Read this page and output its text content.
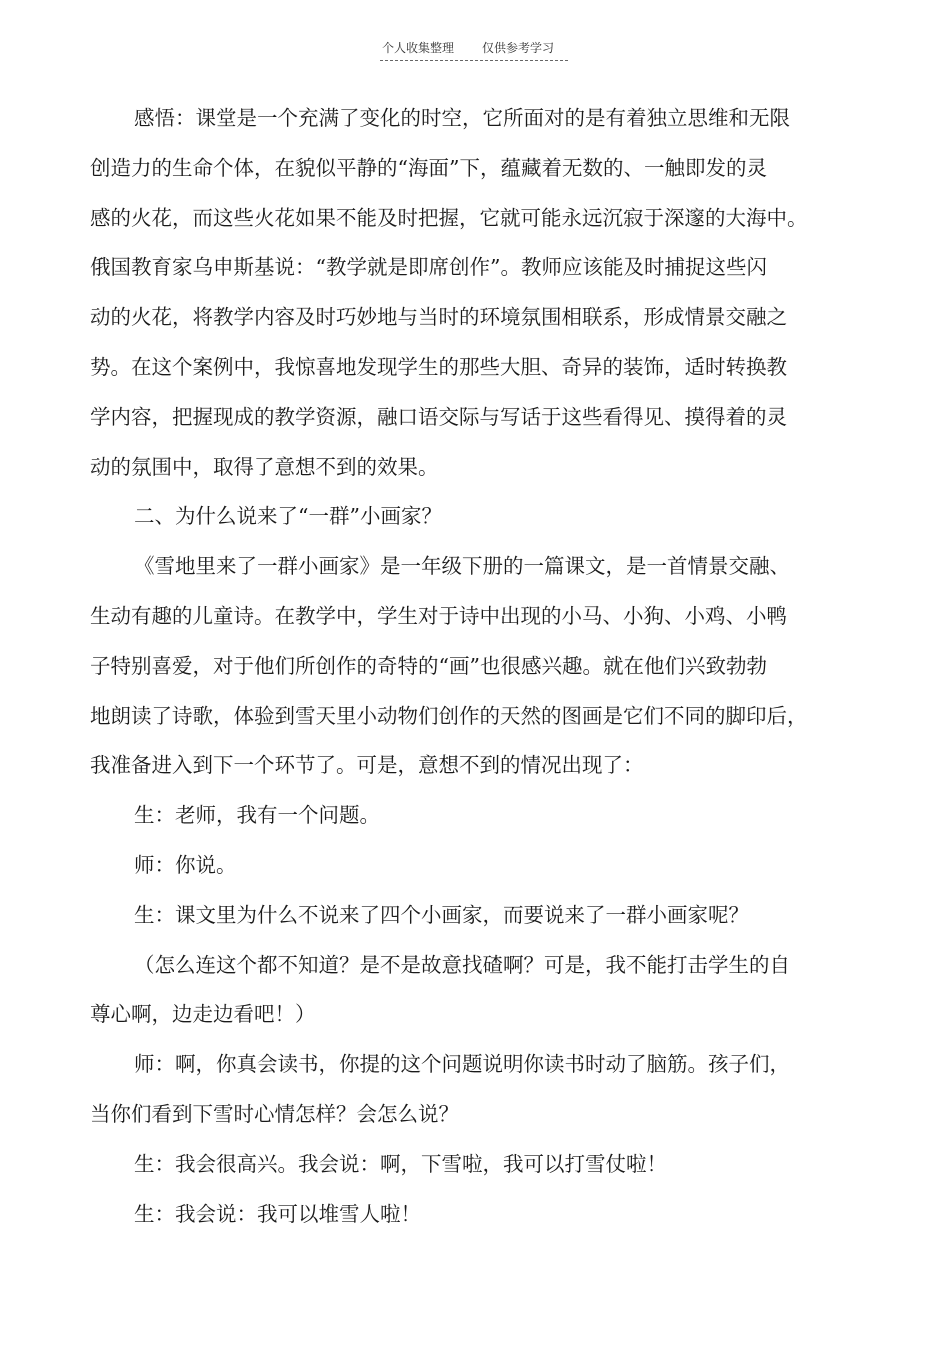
个人收集整理 仅供参考学习
感悟：课堂是一个充满了变化的时空，它所面对的是有着独立思维和无限
创造力的生命个体，在貌似平静的“海面”下，蕴藏着无数的、一触即发的灵
感的火花，而这些火花如果不能及时把握，它就可能永远沉寂于深邃的大海中。
俄国教育家乌申斯基说：“教学就是即席创作”。教师应该能及时捕捉这些闪
动的火花，将教学内容及时巧妙地与当时的环境氛围相联系，形成情景交融之
势。在这个案例中，我惊喜地发现学生的那些大胆、奇异的装饰，适时转换教
学内容，把握现成的教学资源，融口语交际与写话于这些看得见、摸得着的灵
动的氛围中，取得了意想不到的效果。
二、为什么说来了“一群”小画家？
《雪地里来了一群小画家》是一年级下册的一篇课文，是一首情景交融、
生动有趣的儿童诗。在教学中，学生对于诗中出现的小马、小狗、小鸡、小鸭
子特别喜爱，对于他们所创作的奇特的“画”也很感兴趣。就在他们兴致勃勃
地朗读了诗歌，体验到雪天里小动物们创作的天然的图画是它们不同的脚印后，
我准备进入到下一个环节了。可是，意想不到的情况出现了：
生：老师，我有一个问题。
师：你说。
生：课文里为什么不说来了四个小画家，而要说来了一群小画家呢？
（怎么连这个都不知道？是不是故意找碴啊？可是，我不能打击学生的自
尊心啊，边走边看吧！）
师：啊，你真会读书，你提的这个问题说明你读书时动了脑筋。孩子们，
当你们看到下雪时心情怎样？会怎么说？
生：我会很高兴。我会说：啊，下雪啦，我可以打雪仗啦！
生：我会说：我可以堆雪人啦！
